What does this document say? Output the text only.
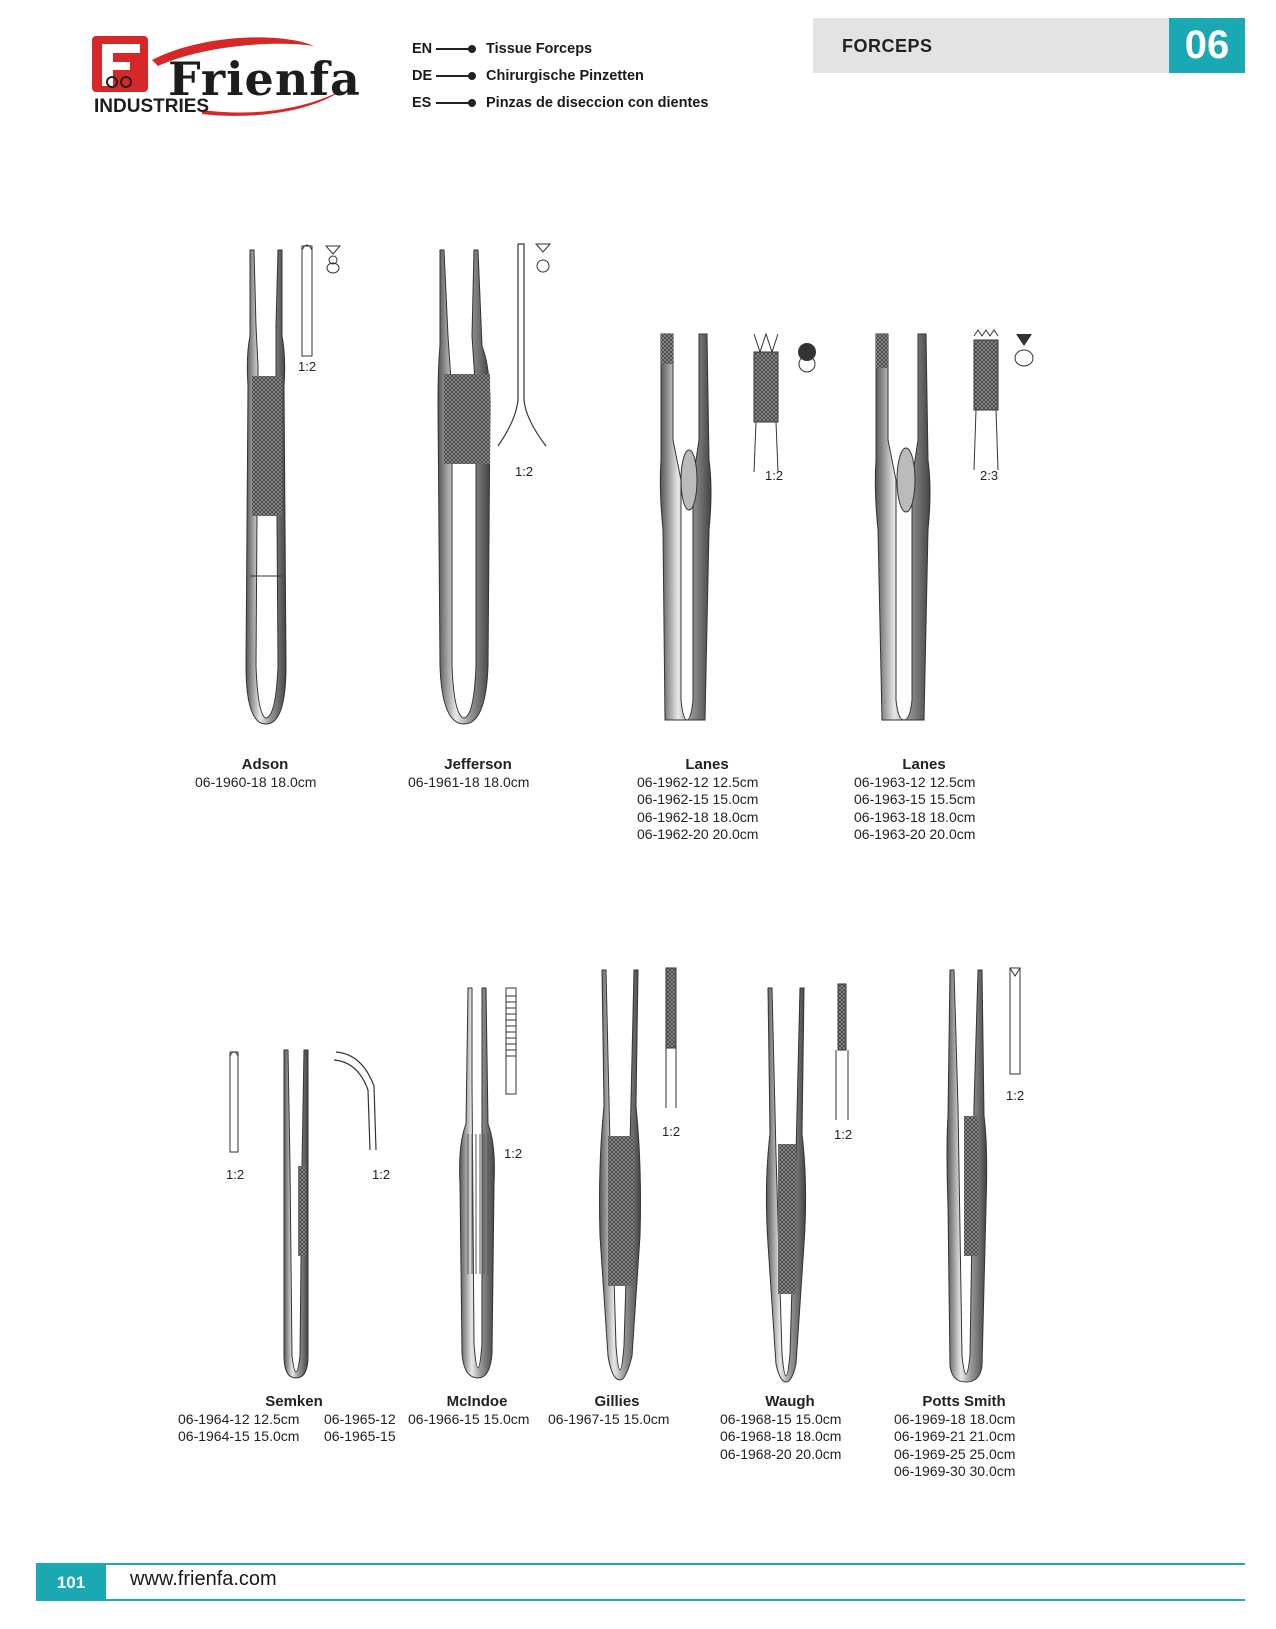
Frienfa
INDUSTRIES
EN	Tissue Forceps
DE	Chirurgische Pinzetten
ES	Pinzas de diseccion con dientes
FORCEPS	06
1:2
1:2	1:2	2:3
Adson
06-1960-18 18.0cm
Jefferson
06-1961-18 18.0cm
Lanes
06-1962-12 12.5cm
06-1962-15 15.0cm
06-1962-18 18.0cm
06-1962-20 20.0cm
Lanes
06-1963-12 12.5cm
06-1963-15 15.5cm
06-1963-18 18.0cm
06-1963-20 20.0cm
1:2	1:2
1:2
1:2	1:2
1:2
Semken
06-1964-12 12.5cm
06-1964-15 15.0cm
06-1965-12
06-1965-15
McIndoe
06-1966-15 15.0cm
Gillies
06-1967-15 15.0cm
Waugh
06-1968-15 15.0cm
06-1968-18 18.0cm
06-1968-20 20.0cm
Potts Smith
06-1969-18 18.0cm
06-1969-21 21.0cm
06-1969-25 25.0cm
06-1969-30 30.0cm
101	www.frienfa.com
